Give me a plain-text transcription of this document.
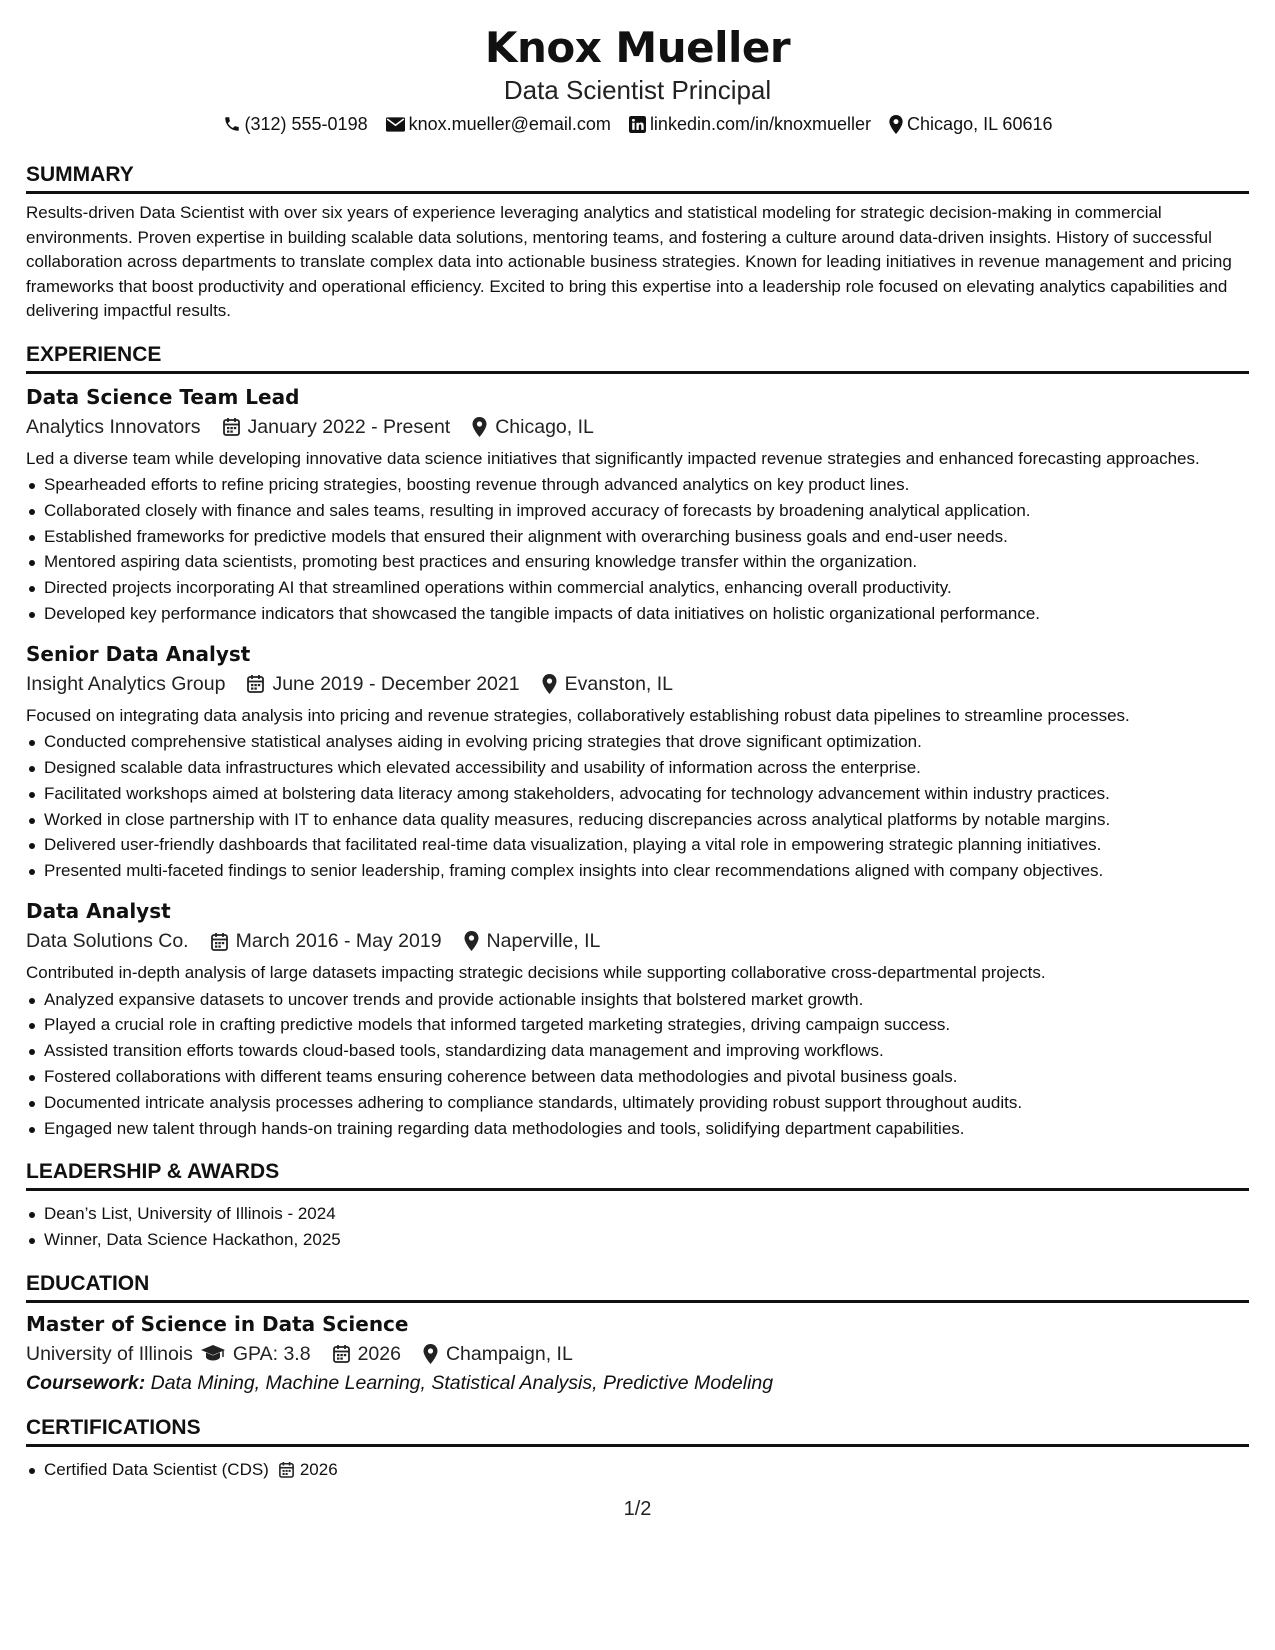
Knox Mueller
Data Scientist Principal
(312) 555-0198 knox.mueller@email.com linkedin.com/in/knoxmueller Chicago, IL 60616
SUMMARY
Results-driven Data Scientist with over six years of experience leveraging analytics and statistical modeling for strategic decision-making in commercial environments. Proven expertise in building scalable data solutions, mentoring teams, and fostering a culture around data-driven insights. History of successful collaboration across departments to translate complex data into actionable business strategies. Known for leading initiatives in revenue management and pricing frameworks that boost productivity and operational efficiency. Excited to bring this expertise into a leadership role focused on elevating analytics capabilities and delivering impactful results.
EXPERIENCE
Data Science Team Lead
Analytics Innovators January 2022 - Present Chicago, IL
Led a diverse team while developing innovative data science initiatives that significantly impacted revenue strategies and enhanced forecasting approaches.
Spearheaded efforts to refine pricing strategies, boosting revenue through advanced analytics on key product lines.
Collaborated closely with finance and sales teams, resulting in improved accuracy of forecasts by broadening analytical application.
Established frameworks for predictive models that ensured their alignment with overarching business goals and end-user needs.
Mentored aspiring data scientists, promoting best practices and ensuring knowledge transfer within the organization.
Directed projects incorporating AI that streamlined operations within commercial analytics, enhancing overall productivity.
Developed key performance indicators that showcased the tangible impacts of data initiatives on holistic organizational performance.
Senior Data Analyst
Insight Analytics Group June 2019 - December 2021 Evanston, IL
Focused on integrating data analysis into pricing and revenue strategies, collaboratively establishing robust data pipelines to streamline processes.
Conducted comprehensive statistical analyses aiding in evolving pricing strategies that drove significant optimization.
Designed scalable data infrastructures which elevated accessibility and usability of information across the enterprise.
Facilitated workshops aimed at bolstering data literacy among stakeholders, advocating for technology advancement within industry practices.
Worked in close partnership with IT to enhance data quality measures, reducing discrepancies across analytical platforms by notable margins.
Delivered user-friendly dashboards that facilitated real-time data visualization, playing a vital role in empowering strategic planning initiatives.
Presented multi-faceted findings to senior leadership, framing complex insights into clear recommendations aligned with company objectives.
Data Analyst
Data Solutions Co. March 2016 - May 2019 Naperville, IL
Contributed in-depth analysis of large datasets impacting strategic decisions while supporting collaborative cross-departmental projects.
Analyzed expansive datasets to uncover trends and provide actionable insights that bolstered market growth.
Played a crucial role in crafting predictive models that informed targeted marketing strategies, driving campaign success.
Assisted transition efforts towards cloud-based tools, standardizing data management and improving workflows.
Fostered collaborations with different teams ensuring coherence between data methodologies and pivotal business goals.
Documented intricate analysis processes adhering to compliance standards, ultimately providing robust support throughout audits.
Engaged new talent through hands-on training regarding data methodologies and tools, solidifying department capabilities.
LEADERSHIP & AWARDS
Dean’s List, University of Illinois - 2024
Winner, Data Science Hackathon, 2025
EDUCATION
Master of Science in Data Science
University of Illinois GPA: 3.8 2026 Champaign, IL
Coursework: Data Mining, Machine Learning, Statistical Analysis, Predictive Modeling
CERTIFICATIONS
Certified Data Scientist (CDS) 2026
1/2
